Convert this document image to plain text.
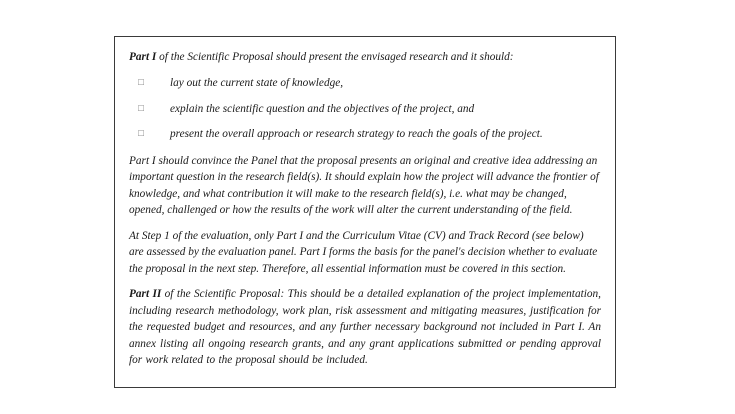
Part I of the Scientific Proposal should present the envisaged research and it should:

□
lay out the current state of knowledge,
□
explain the scientific question and the objectives of the project, and
□
present the overall approach or research strategy to reach the goals of the project.

Part I should convince the Panel that the proposal presents an original and creative idea addressing an important question in the research field(s). It should explain how the project will advance the frontier of knowledge, and what contribution it will make to the research field(s), i.e. what may be changed, opened, challenged or how the results of the work will alter the current understanding of the field.

At Step 1 of the evaluation, only Part I and the Curriculum Vitae (CV) and Track Record (see below) are assessed by the evaluation panel. Part I forms the basis for the panel's decision whether to evaluate the proposal in the next step. Therefore, all essential information must be covered in this section.

Part II of the Scientific Proposal: This should be a detailed explanation of the project implementation, including research methodology, work plan, risk assessment and mitigating measures, justification for the requested budget and resources, and any further necessary background not included in Part I. An annex listing all ongoing research grants, and any grant applications submitted or pending approval for work related to the proposal should be included.
